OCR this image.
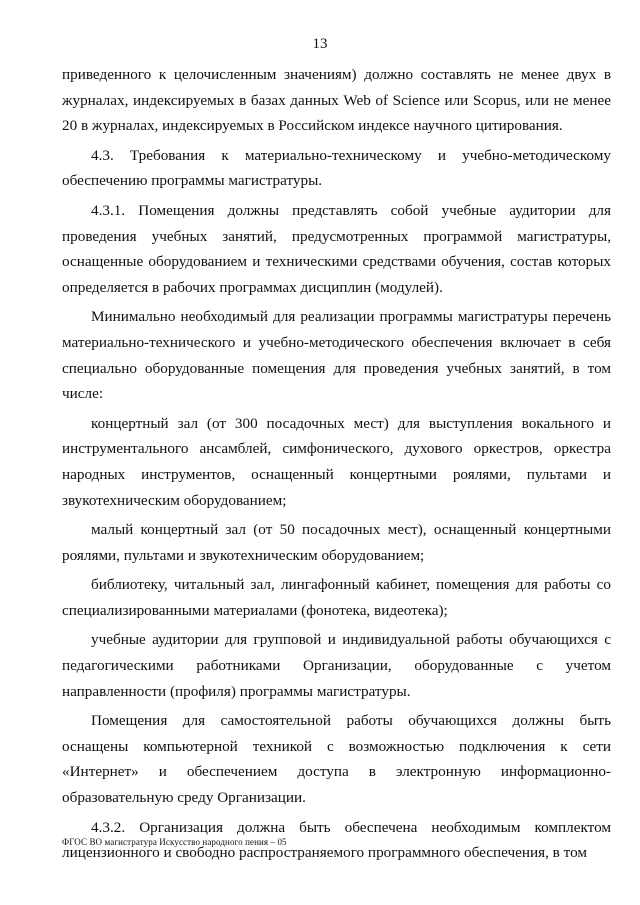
13

приведенного к целочисленным значениям) должно составлять не менее двух в журналах, индексируемых в базах данных Web of Science или Scopus, или не менее 20 в журналах, индексируемых в Российском индексе научного цитирования.

4.3. Требования к материально-техническому и учебно-методическому обеспечению программы магистратуры.

4.3.1. Помещения должны представлять собой учебные аудитории для проведения учебных занятий, предусмотренных программой магистратуры, оснащенные оборудованием и техническими средствами обучения, состав которых определяется в рабочих программах дисциплин (модулей).

Минимально необходимый для реализации программы магистратуры перечень материально-технического и учебно-методического обеспечения включает в себя специально оборудованные помещения для проведения учебных занятий, в том числе:

концертный зал (от 300 посадочных мест) для выступления вокального и инструментального ансамблей, симфонического, духового оркестров, оркестра народных инструментов, оснащенный концертными роялями, пультами и звукотехническим оборудованием;

малый концертный зал (от 50 посадочных мест), оснащенный концертными роялями, пультами и звукотехническим оборудованием;

библиотеку, читальный зал, лингафонный кабинет, помещения для работы со специализированными материалами (фонотека, видеотека);

учебные аудитории для групповой и индивидуальной работы обучающихся с педагогическими работниками Организации, оборудованные с учетом направленности (профиля) программы магистратуры.

Помещения для самостоятельной работы обучающихся должны быть оснащены компьютерной техникой с возможностью подключения к сети «Интернет» и обеспечением доступа в электронную информационно-образовательную среду Организации.

4.3.2. Организация должна быть обеспечена необходимым комплектом лицензионного и свободно распространяемого программного обеспечения, в том

ФГОС ВО магистратура Искусство народного пения – 05
